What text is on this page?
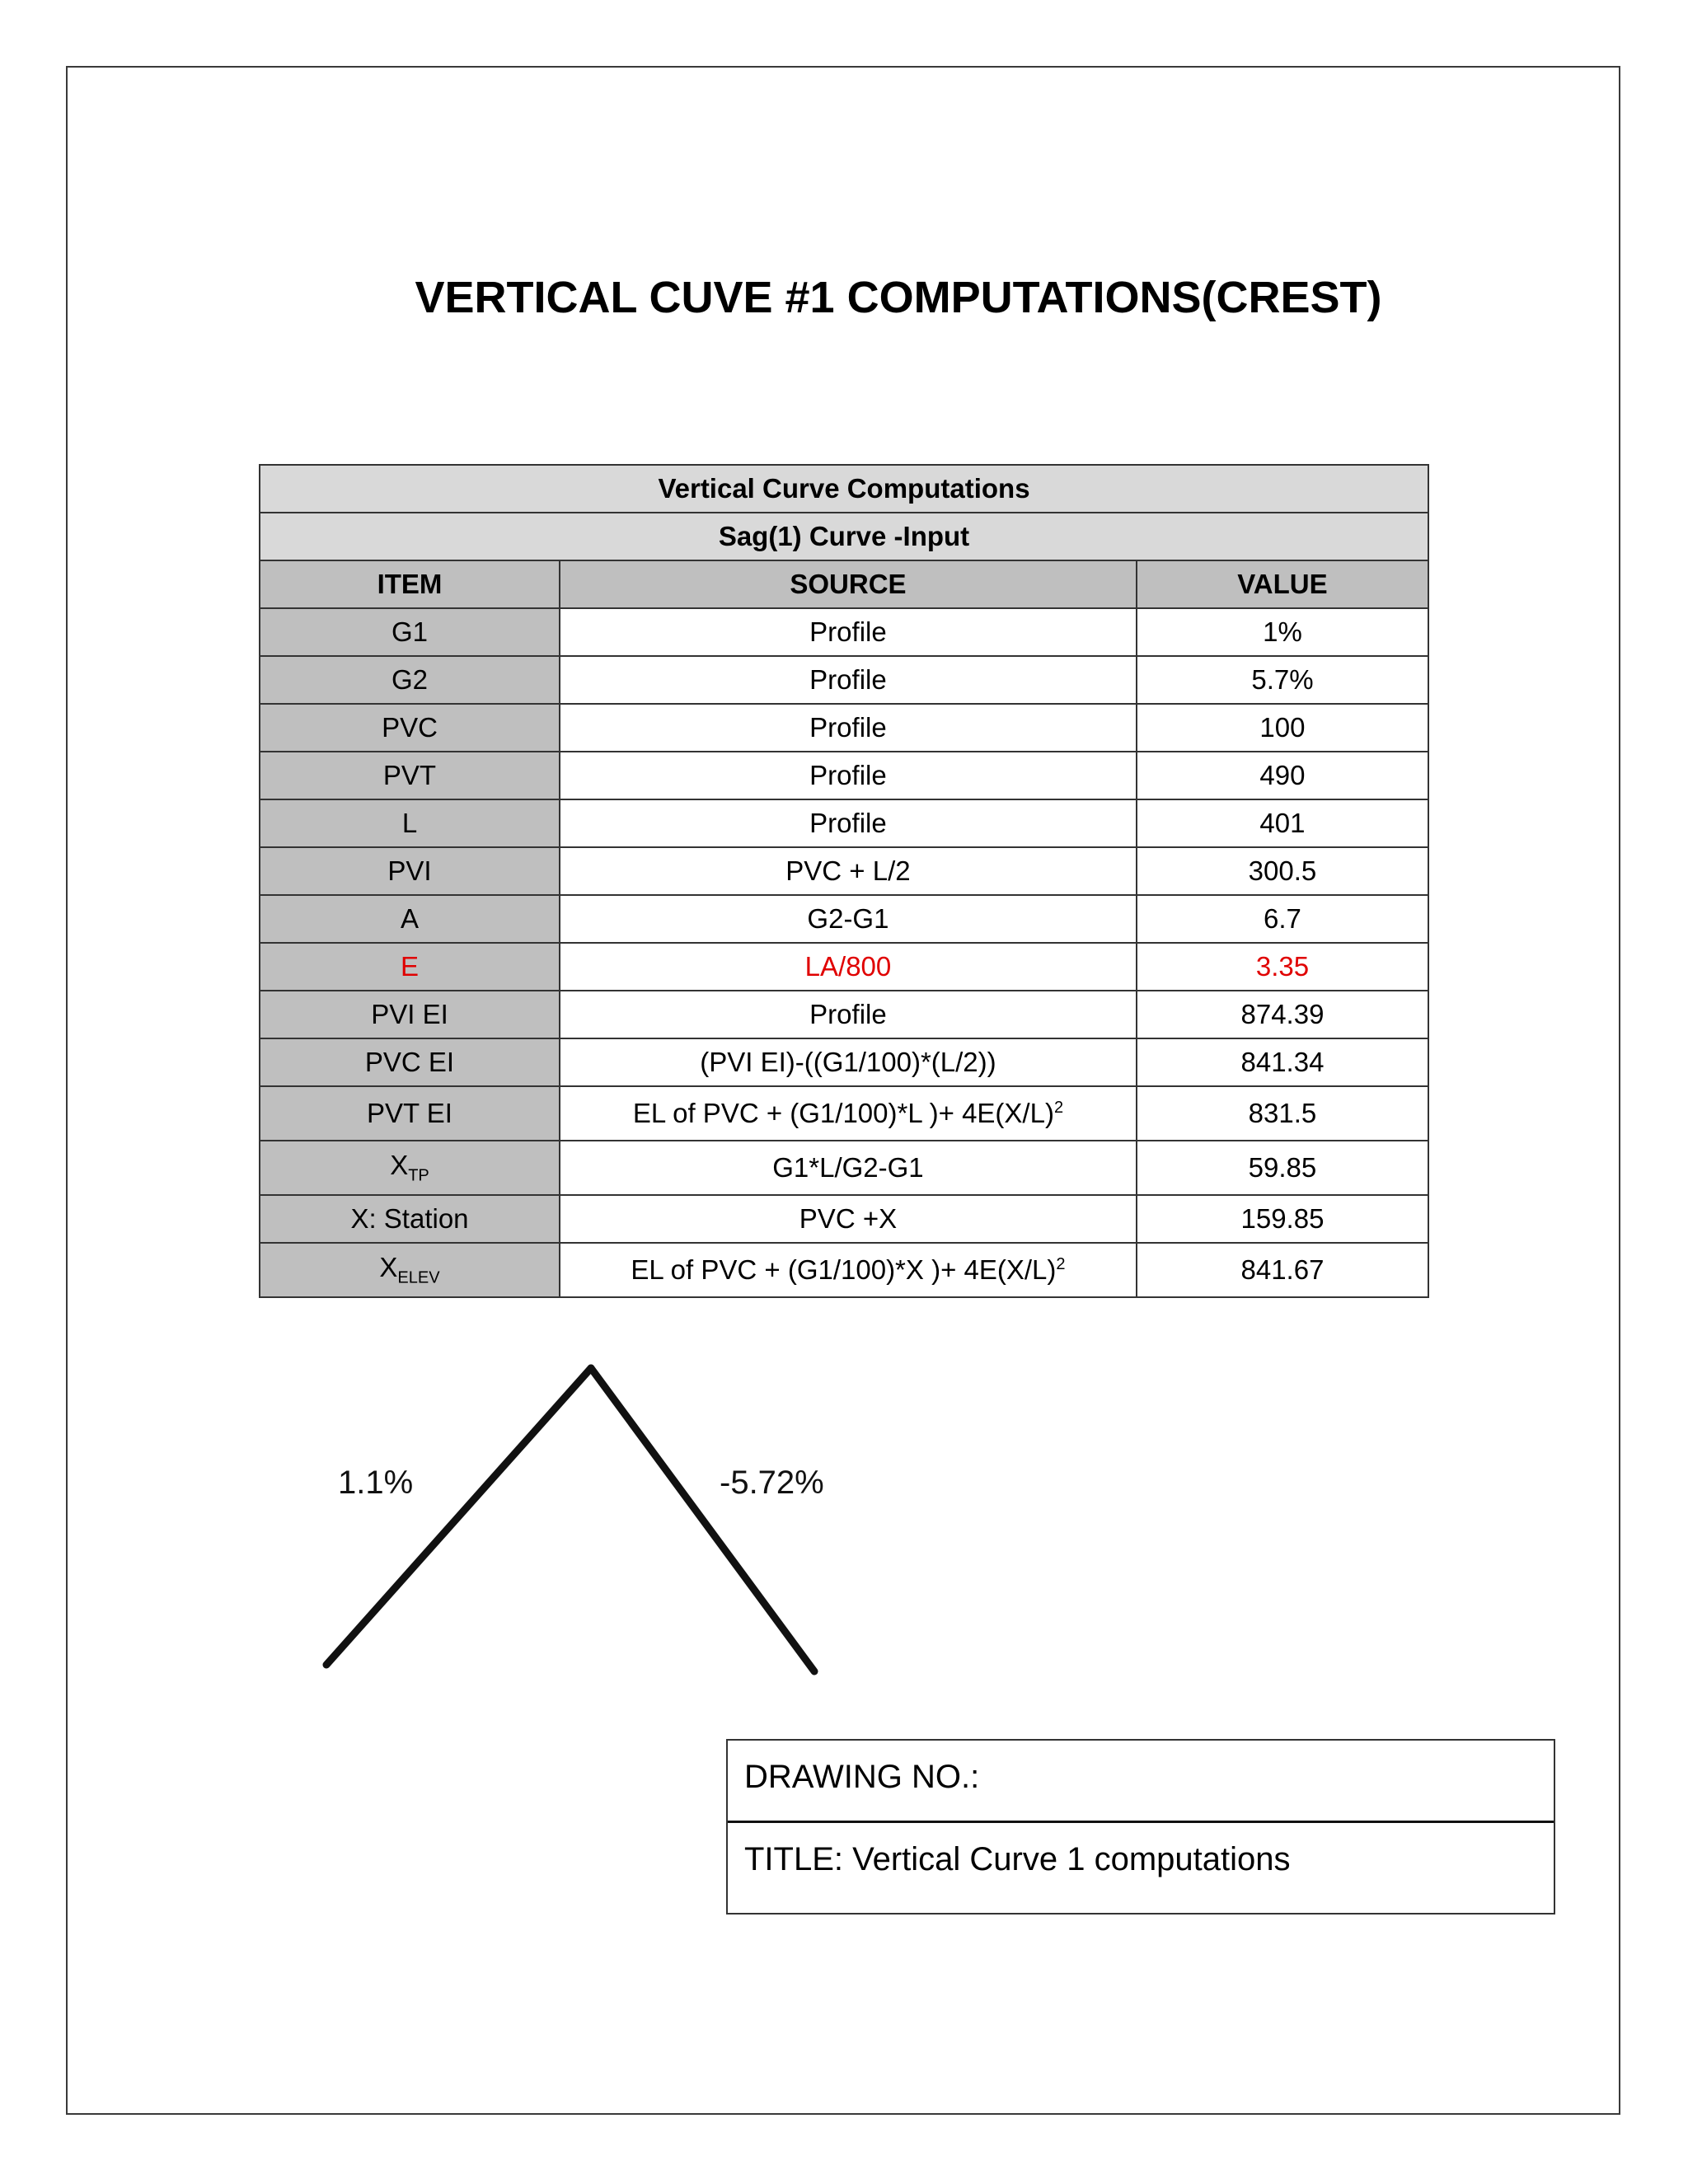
VERTICAL CUVE #1 COMPUTATIONS(CREST)
Vertical Curve Computations		
Sag(1) Curve -Input		
ITEM	SOURCE	VALUE
G1	Profile	1%
G2	Profile	5.7%
PVC	Profile	100
PVT	Profile	490
L	Profile	401
PVI	PVC + L/2	300.5
A	G2-G1	6.7
E	LA/800	3.35
PVI EI	Profile	874.39
PVC EI	(PVI EI)-((G1/100)*(L/2))	841.34
PVT EI	EL of PVC + (G1/100)*L )+ $4E(X/L)^2$	831.5
$X_{TP}$	G1*L/G2-G1	59.85
X: Station	PVC +X	159.85
$X_{ELEV}$	EL of PVC + (G1/100)*X )+ $4E(X/L)^2$	841.67
1.1%	-5.72%
DRAWING NO.:
TITLE: Vertical Curve 1 computations
